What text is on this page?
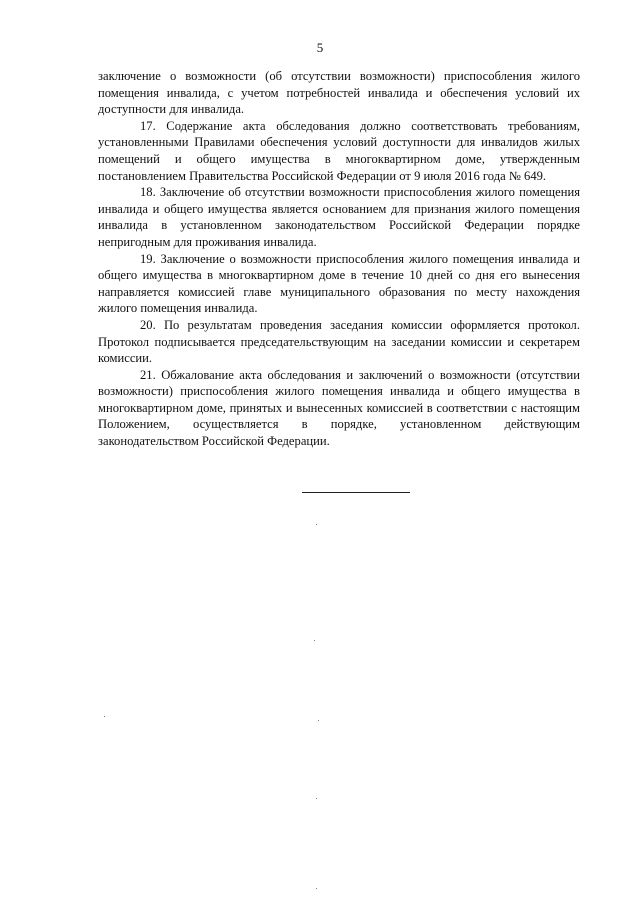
5

заключение о возможности (об отсутствии возможности) приспособления жилого помещения инвалида, с учетом потребностей инвалида и обеспечения условий их доступности для инвалида.

17. Содержание акта обследования должно соответствовать требованиям, установленными Правилами обеспечения условий доступности для инвалидов жилых помещений и общего имущества в многоквартирном доме, утвержденным постановлением Правительства Российской Федерации от 9 июля 2016 года № 649.

18. Заключение об отсутствии возможности приспособления жилого помещения инвалида и общего имущества является основанием для признания жилого помещения инвалида в установленном законодательством Российской Федерации порядке непригодным для проживания инвалида.

19. Заключение о возможности приспособления жилого помещения инвалида и общего имущества в многоквартирном доме в течение 10 дней со дня его вынесения направляется комиссией главе муниципального образования по месту нахождения жилого помещения инвалида.

20. По результатам проведения заседания комиссии оформляется протокол. Протокол подписывается председательствующим на заседании комиссии и секретарем комиссии.

21. Обжалование акта обследования и заключений о возможности (отсутствии возможности) приспособления жилого помещения инвалида и общего имущества в многоквартирном доме, принятых и вынесенных комиссией в соответствии с настоящим Положением, осуществляется в порядке, установленном действующим законодательством Российской Федерации.
